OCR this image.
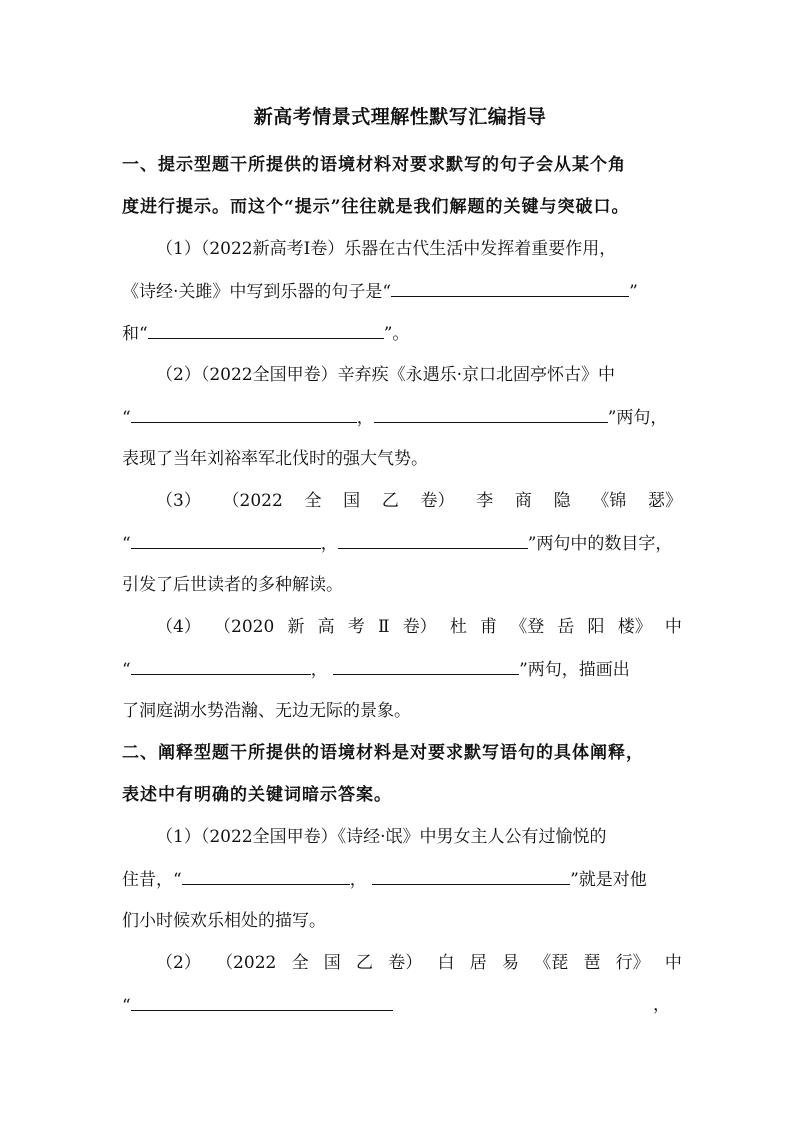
新高考情景式理解性默写汇编指导
一、提示型题干所提供的语境材料对要求默写的句子会从某个角
度进行提示。而这个“提示”往往就是我们解题的关键与突破口。
（1）（2022新高考Ⅰ卷）乐器在古代生活中发挥着重要作用，
《诗经·关雎》中写到乐器的句子是“	”
和“	”。
（2）（2022全国甲卷）辛弃疾《永遇乐·京口北固亭怀古》中
“	，	”两句，
表现了当年刘裕率军北伐时的强大气势。
（3） （2022 全 国 乙 卷） 李 商 隐 《锦 瑟》
“	，	”两句中的数目字，
引发了后世读者的多种解读。
（4） （2020 新 高 考 Ⅱ 卷） 杜 甫 《登 岳 阳 楼》 中
“	，	”两句，描画出
了洞庭湖水势浩瀚、无边无际的景象。
二、阐释型题干所提供的语境材料是对要求默写语句的具体阐释，
表述中有明确的关键词暗示答案。
（1）（2022全国甲卷）《诗经·氓》中男女主人公有过愉悦的
住昔，“	，	”就是对他
们小时候欢乐相处的描写。
（2） （2022 全 国 乙 卷） 白 居 易 《琵 琶 行》 中
“	，
